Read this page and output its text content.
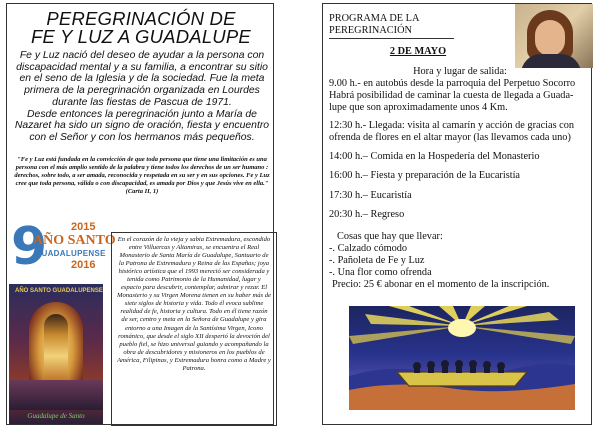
PEREGRINACIÓN DE
FE Y LUZ A GUADALUPE

Fe y Luz nació del deseo de ayudar a la persona con discapacidad mental y a su familia, a encontrar su sitio en el seno de la Iglesia y de la sociedad. Fue la meta primera de la peregrinación organizada en Lourdes durante las fiestas de Pascua de 1971.

Desde entonces la peregrinación junto a María de Nazaret ha sido un signo de oración, fiesta y encuentro con el Señor y con los hermanos más pequeños.

"Fe y Luz está fundada en la convicción de que toda persona que tiene una limitación es una persona con el más amplio sentido de la palabra y tiene todos los derechos de un ser humano : derechos, sobre todo, a ser amada, reconocida y respetada en su ser y en sus opciones. Fe y Luz cree que toda persona, válida o con discapacidad, es amada por Dios y que Jesús vive en ella." (Carta II, 1)
9 2015
AÑO SANTO
GUADALUPENSE
2016
AÑO SANTO GUADALUPENSE
Guadalupe de Santo
En el corazón de la vieja y sabia Extremadura, escondido entre Villuercas y Altamiras, se encuentra el Real Monasterio de Santa María de Guadalupe, Santuario de la Patrona de Extremadura y Reina de las Españas; joya histórico artística que el 1993 mereció ser considerada y tenida como Patrimonio de la Humanidad, lugar y espacio para descubrir, contemplar, admirar y rezar. El Monasterio y su Virgen Morena tienen en su haber más de siete siglos de historia y vida. Todo él evoca sublime realidad de fe, historia y cultura. Todo en él tiene razón de ser, centro y meta en la Señora de Guadalupe y gira entorno a una Imagen de la Santísima Virgen, Icono románico, que desde el siglo XII despertó la devoción del pueblo fiel, se hizo universal guiando y acompañando la obra de descubridores y misioneros en los pueblos de América, Filipinas, y Extremadura honra como a Madre y Patrona.
PROGRAMA DE LA
PEREGRINACIÓN
2 DE MAYO
Hora y lugar de salida:
9.00 h.- en autobús desde la parroquia del Perpetuo Socorro
Habrá posibilidad de caminar la cuesta de llegada a Guada-
lupe que son aproximadamente unos 4 Km.
12:30 h.- Llegada: visita al camarín y acción de gracias con
ofrenda de flores en el altar mayor (las llevamos cada uno)
14:00 h.– Comida en la Hospedería del Monasterio
16:00 h.– Fiesta y preparación de la Eucaristía
17:30 h.– Eucaristía
20:30 h.– Regreso
Cosas que hay que llevar:
-. Calzado cómodo
-. Pañoleta de Fe y Luz
-. Una flor como ofrenda
Precio: 25 € abonar en el momento de la inscripción.
